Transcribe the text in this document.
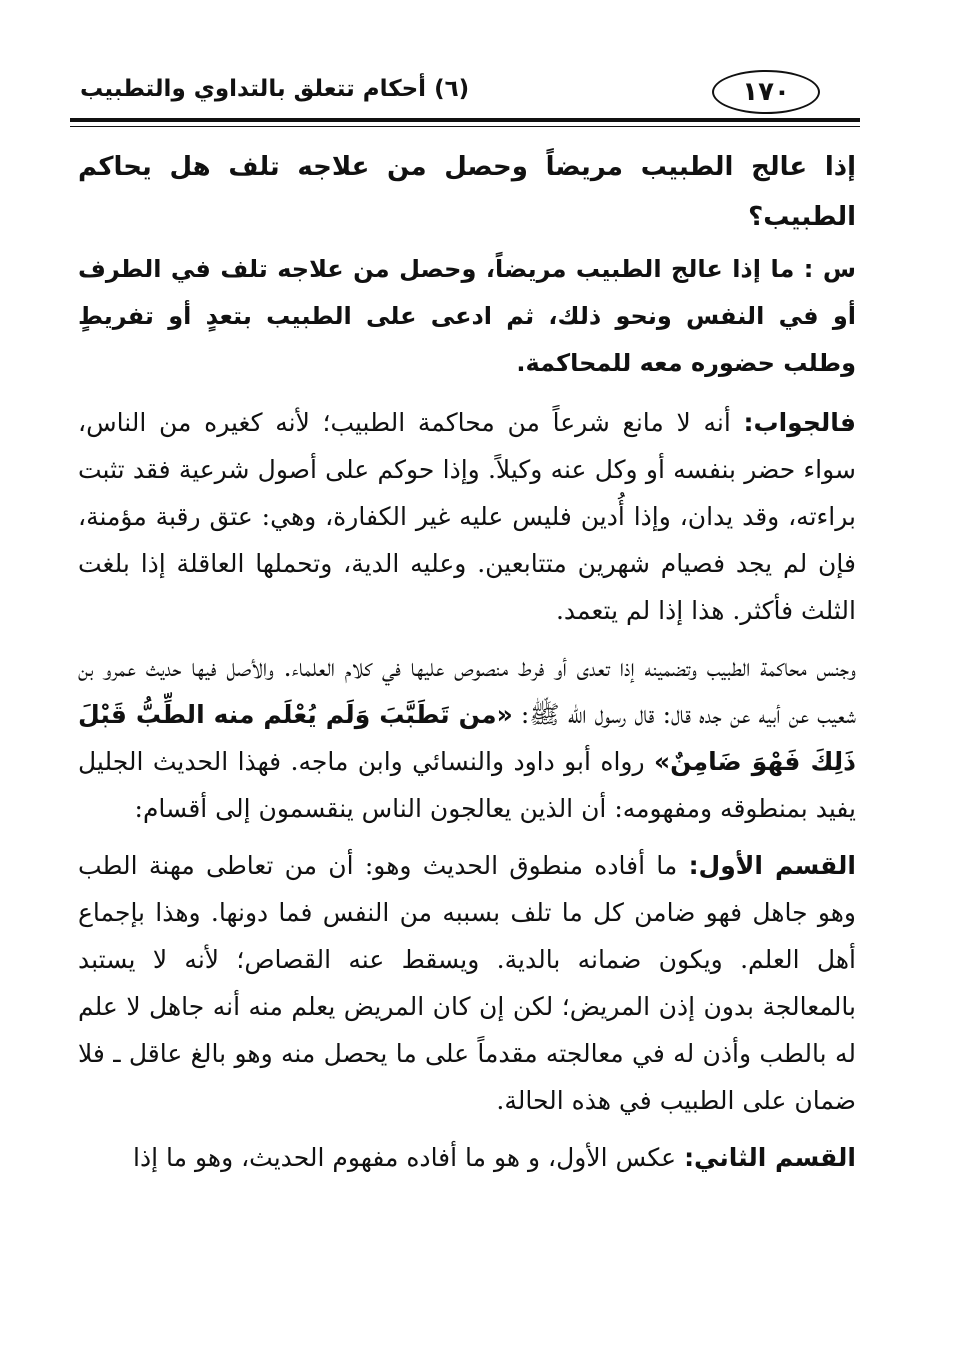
١٧٠
(٦) أحكام تتعلق بالتداوي والتطبيب

إذا عالج الطبيب مريضاً وحصل من علاجه تلف هل يحاكم الطبيب؟

س : ما إذا عالج الطبيب مريضاً، وحصل من علاجه تلف في الطرف أو في النفس ونحو ذلك، ثم ادعى على الطبيب بتعدٍ أو تفريطٍ وطلب حضوره معه للمحاكمة.

فالجواب: أنه لا مانع شرعاً من محاكمة الطبيب؛ لأنه كغيره من الناس، سواء حضر بنفسه أو وكل عنه وكيلاً. وإذا حوكم على أصول شرعية فقد تثبت براءته، وقد يدان، وإذا أُدين فليس عليه غير الكفارة، وهي: عتق رقبة مؤمنة، فإن لم يجد فصيام شهرين متتابعين. وعليه الدية، وتحملها العاقلة إذا بلغت الثلث فأكثر. هذا إذا لم يتعمد.

وجنس محاكمة الطبيب وتضمينه إذا تعدى أو فرط منصوص عليها في كلام العلماء. والأصل فيها حديث عمرو بن شعيب عن أبيه عن جده قال: قال رسول الله ﷺ: «من تَطَبَّبَ وَلَم يُعْلَم منه الطِّبُّ قَبْلَ ذَلِكَ فَهْوَ ضَامِنٌ» رواه أبو داود والنسائي وابن ماجه. فهذا الحديث الجليل يفيد بمنطوقه ومفهومه: أن الذين يعالجون الناس ينقسمون إلى أقسام:

القسم الأول: ما أفاده منطوق الحديث وهو: أن من تعاطى مهنة الطب وهو جاهل فهو ضامن كل ما تلف بسببه من النفس فما دونها. وهذا بإجماع أهل العلم. ويكون ضمانه بالدية. ويسقط عنه القصاص؛ لأنه لا يستبد بالمعالجة بدون إذن المريض؛ لكن إن كان المريض يعلم منه أنه جاهل لا علم له بالطب وأذن له في معالجته مقدماً على ما يحصل منه وهو بالغ عاقل ـ فلا ضمان على الطبيب في هذه الحالة.

القسم الثاني: عكس الأول، و هو ما أفاده مفهوم الحديث، وهو ما إذا
